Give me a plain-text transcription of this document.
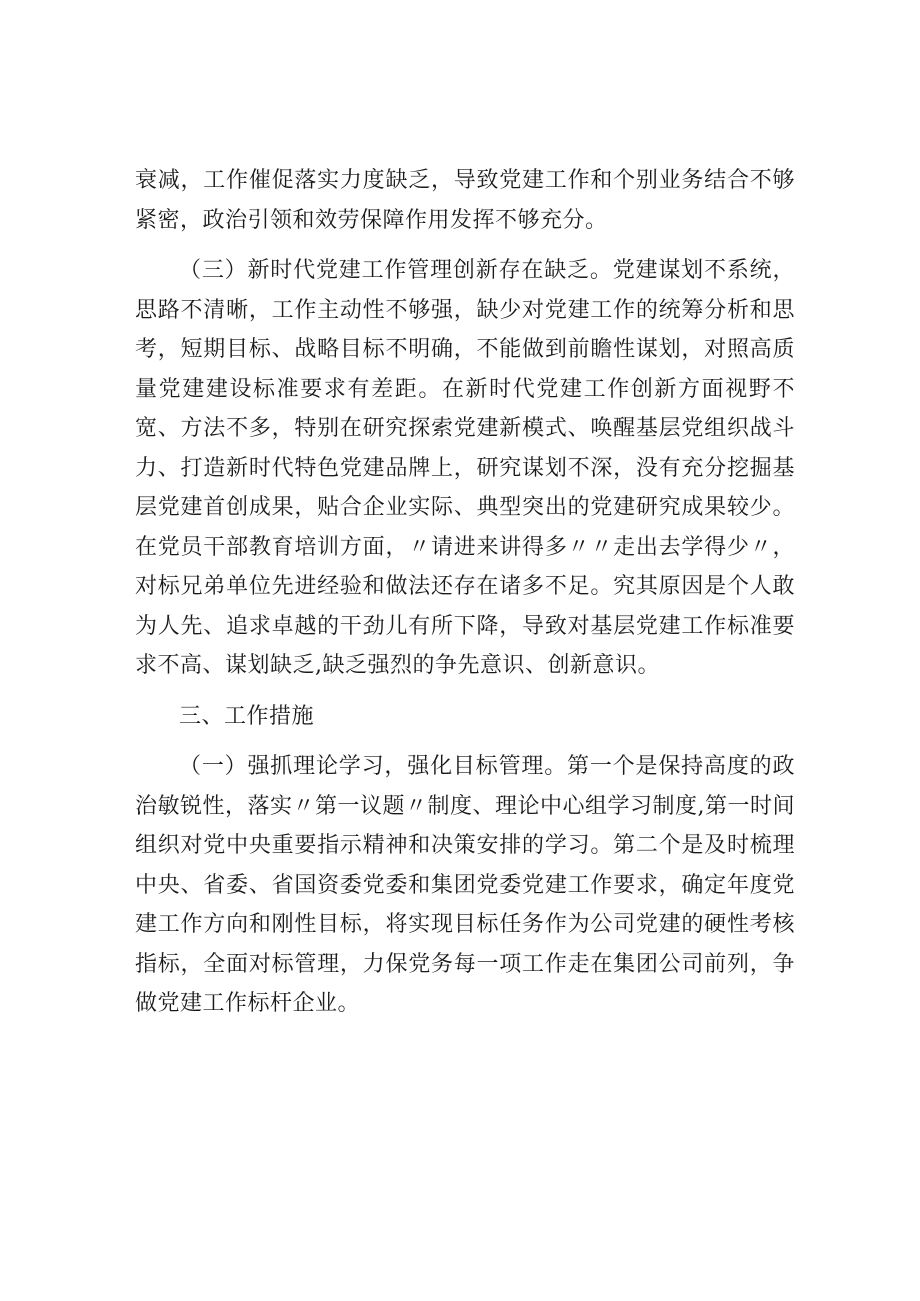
衰减，工作催促落实力度缺乏，导致党建工作和个别业务结合不够紧密，政治引领和效劳保障作用发挥不够充分。

（三）新时代党建工作管理创新存在缺乏。党建谋划不系统，思路不清晰，工作主动性不够强，缺少对党建工作的统筹分析和思考，短期目标、战略目标不明确，不能做到前瞻性谋划，对照高质量党建建设标准要求有差距。在新时代党建工作创新方面视野不宽、方法不多，特别在研究探索党建新模式、唤醒基层党组织战斗力、打造新时代特色党建品牌上，研究谋划不深，没有充分挖掘基层党建首创成果，贴合企业实际、典型突出的党建研究成果较少。在党员干部教育培训方面，〃请进来讲得多〃〃走出去学得少〃，对标兄弟单位先进经验和做法还存在诸多不足。究其原因是个人敢为人先、追求卓越的干劲儿有所下降，导致对基层党建工作标准要求不高、谋划缺乏,缺乏强烈的争先意识、创新意识。

三、工作措施

（一）强抓理论学习，强化目标管理。第一个是保持高度的政治敏锐性，落实〃第一议题〃制度、理论中心组学习制度,第一时间组织对党中央重要指示精神和决策安排的学习。第二个是及时梳理中央、省委、省国资委党委和集团党委党建工作要求，确定年度党建工作方向和刚性目标，将实现目标任务作为公司党建的硬性考核指标，全面对标管理，力保党务每一项工作走在集团公司前列，争做党建工作标杆企业。
